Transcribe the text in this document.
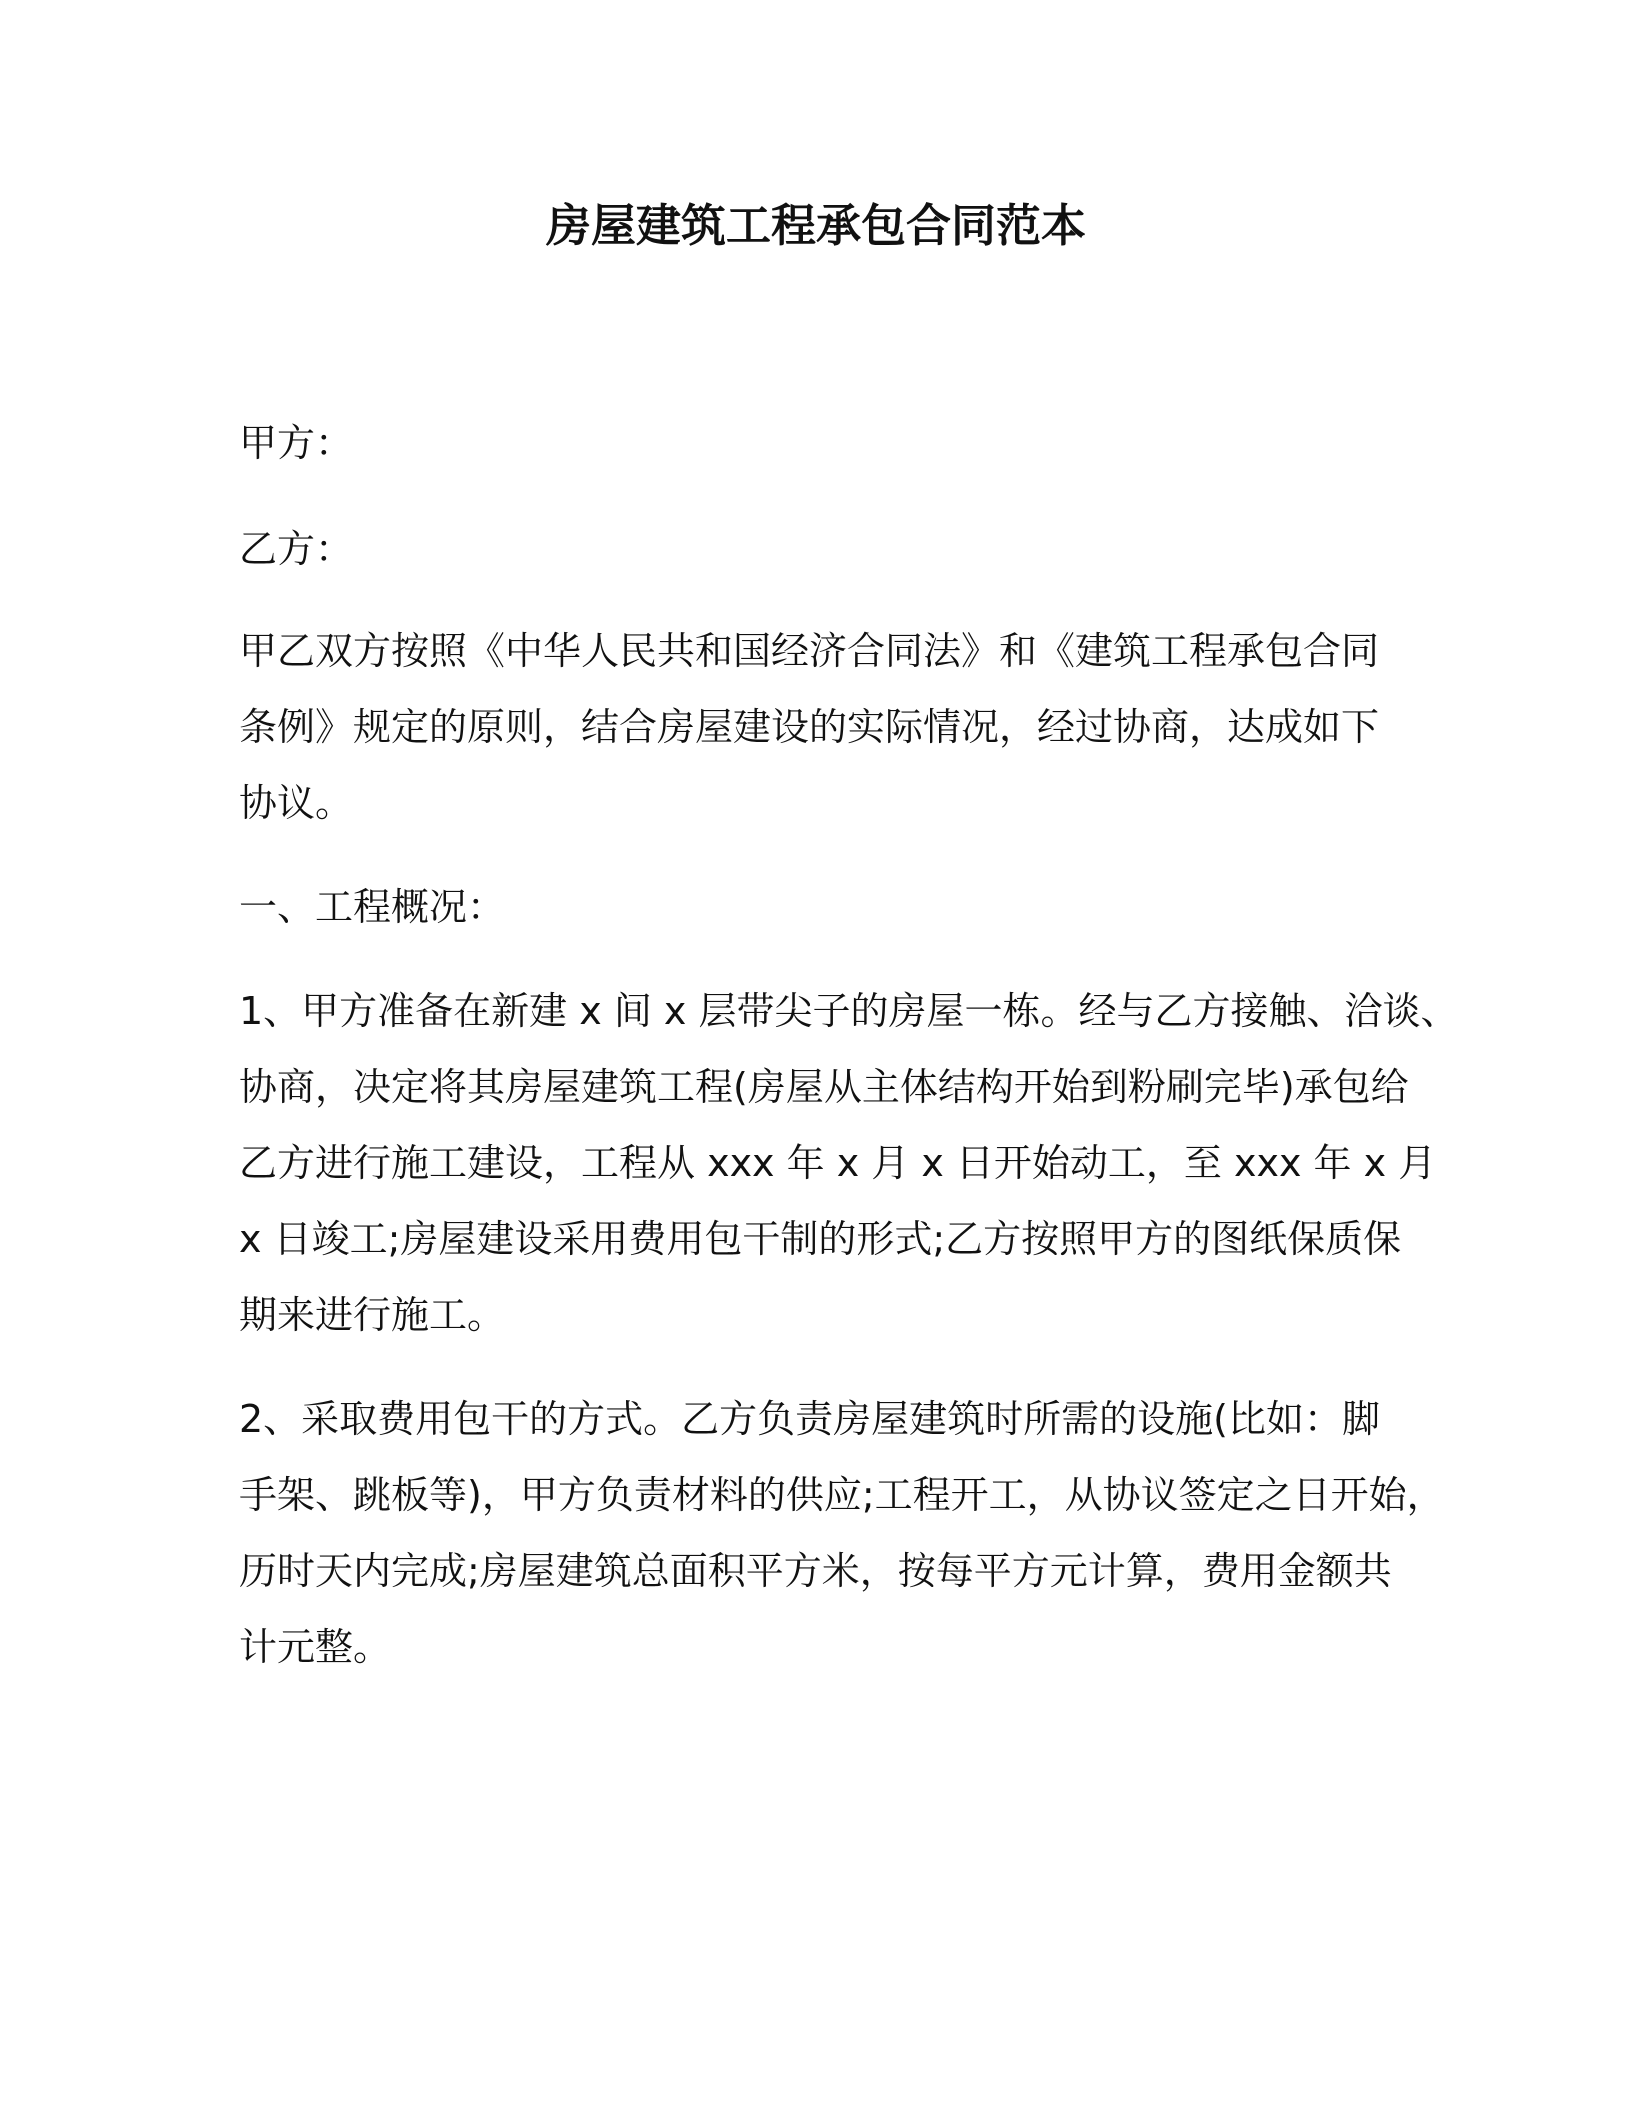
房屋建筑工程承包合同范本

甲方：

乙方：

甲乙双方按照《中华人民共和国经济合同法》和《建筑工程承包合同

条例》规定的原则，结合房屋建设的实际情况，经过协商，达成如下

协议。

一、工程概况：

1、甲方准备在新建 x 间 x 层带尖子的房屋一栋。经与乙方接触、洽谈、

协商，决定将其房屋建筑工程(房屋从主体结构开始到粉刷完毕)承包给

乙方进行施工建设，工程从 xxx 年 x 月 x 日开始动工，至 xxx 年 x 月

x 日竣工;房屋建设采用费用包干制的形式;乙方按照甲方的图纸保质保

期来进行施工。

2、采取费用包干的方式。乙方负责房屋建筑时所需的设施(比如：脚

手架、跳板等)，甲方负责材料的供应;工程开工，从协议签定之日开始，

历时天内完成;房屋建筑总面积平方米，按每平方元计算，费用金额共

计元整。
